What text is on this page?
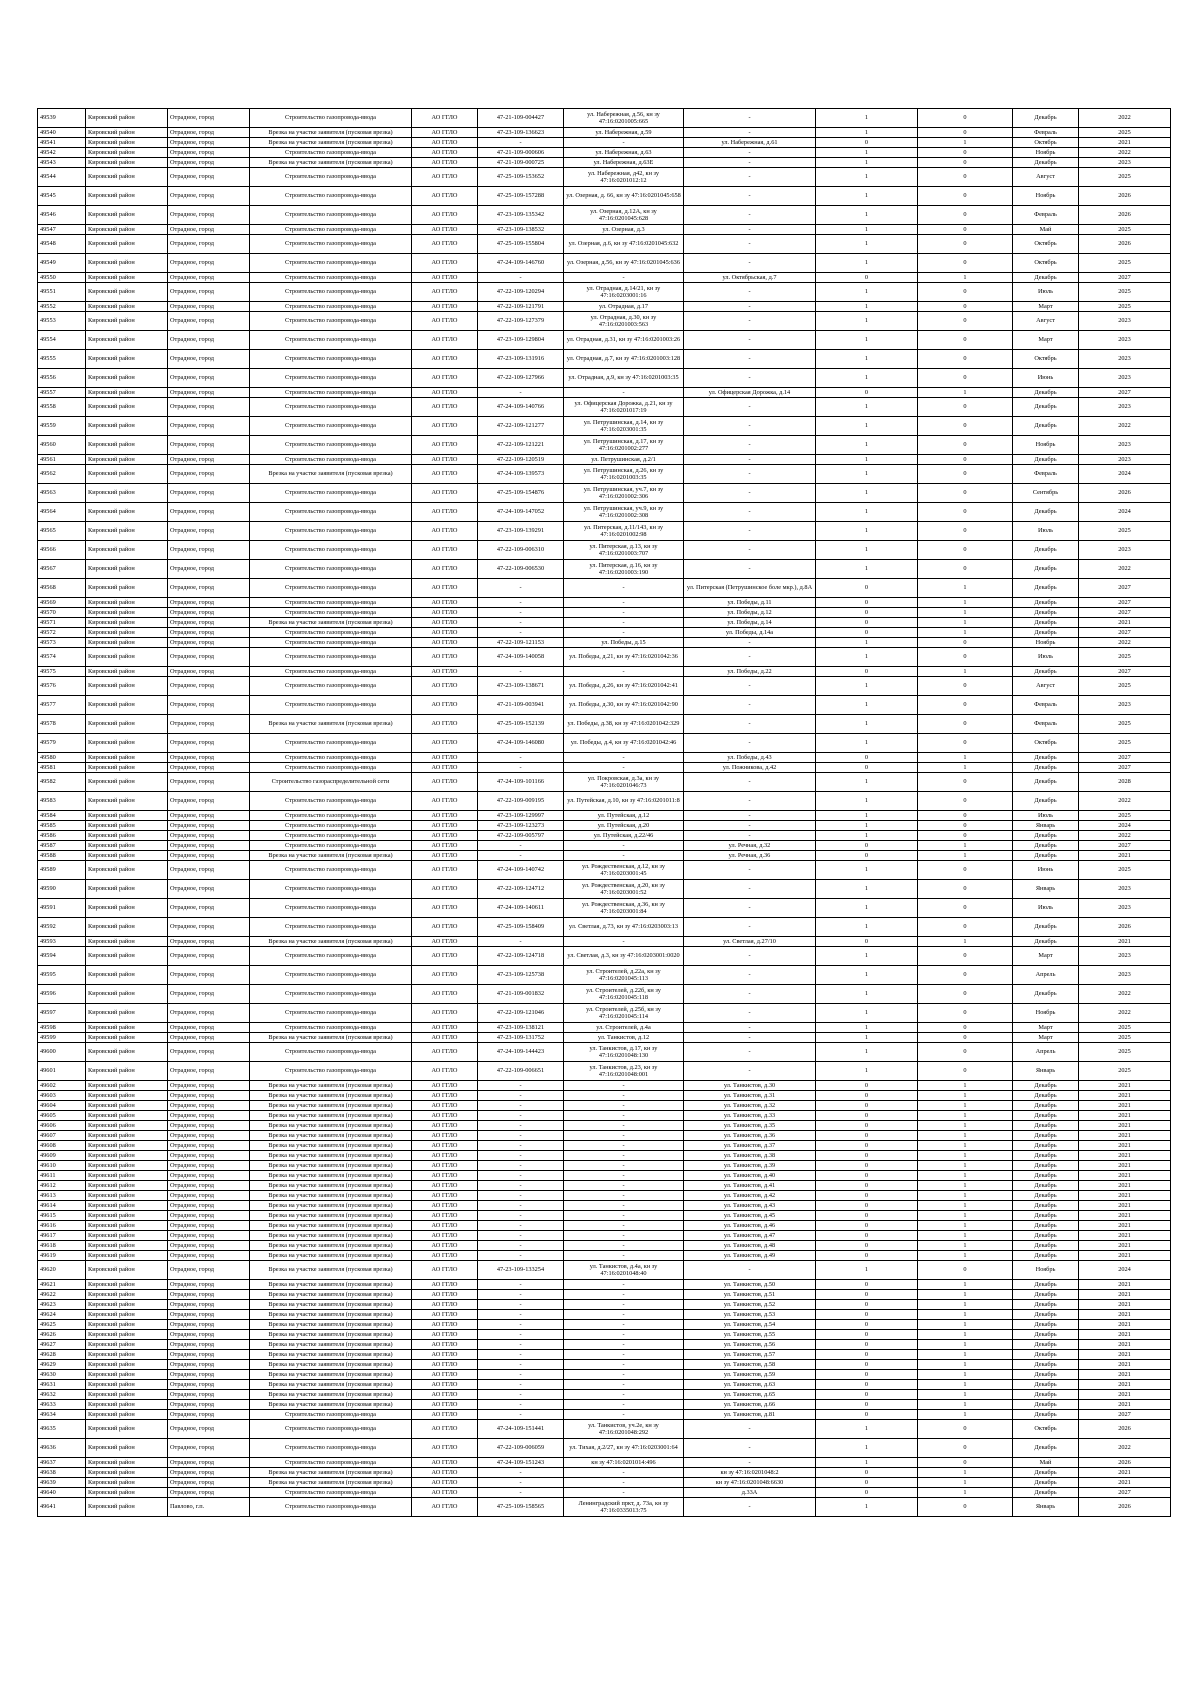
49539	Кировский район	Отрадное, город	Строительство газопровода-ввода	АО ГГЛО	47-21-109-004427	ул. Набережная, д.56, кн зу 47:16:0201005:665	-	1	0	Декабрь	2022
49540	Кировский район	Отрадное, город	Врезка на участке заявителя (пусковая врезка)	АО ГГЛО	47-23-109-136623	ул. Набережная, д.59	-	1	0	Февраль	2025
49541	Кировский район	Отрадное, город	Врезка на участке заявителя (пусковая врезка)	АО ГГЛО	-	-	ул. Набережная, д.61	0	1	Октябрь	2021
49542	Кировский район	Отрадное, город	Строительство газопровода-ввода	АО ГГЛО	47-21-109-000606	ул. Набережная, д.63	-	1	0	Ноябрь	2022
49543	Кировский район	Отрадное, город	Врезка на участке заявителя (пусковая врезка)	АО ГГЛО	47-21-109-000725	ул. Набережная, д.63Е	-	1	0	Декабрь	2023
49544	Кировский район	Отрадное, город	Строительство газопровода-ввода	АО ГГЛО	47-25-109-153652	ул. Набережная, д42, кн зу 47:16:0201012:12	-	1	0	Август	2025
49545	Кировский район	Отрадное, город	Строительство газопровода-ввода	АО ГГЛО	47-25-109-157288	ул. Озерная, д. 66, кн зу 47:16:0201045:658	-	1	0	Ноябрь	2026
49546	Кировский район	Отрадное, город	Строительство газопровода-ввода	АО ГГЛО	47-23-109-135342	ул. Озерная, д.12А, кн зу 47:16:0201045:628	-	1	0	Февраль	2026
49547	Кировский район	Отрадное, город	Строительство газопровода-ввода	АО ГГЛО	47-23-109-138532	ул. Озерная, д.3	-	1	0	Май	2025
49548	Кировский район	Отрадное, город	Строительство газопровода-ввода	АО ГГЛО	47-25-109-155804	ул. Озерная, д.6, кн зу 47:16:0201045:632	-	1	0	Октябрь	2026
49549	Кировский район	Отрадное, город	Строительство газопровода-ввода	АО ГГЛО	47-24-109-146760	ул. Озерная, д.56, кн зу 47:16:0201045:636	-	1	0	Октябрь	2025
49550	Кировский район	Отрадное, город	Строительство газопровода-ввода	АО ГГЛО	-	-	ул. Октябрьская, д.7	0	1	Декабрь	2027
49551	Кировский район	Отрадное, город	Строительство газопровода-ввода	АО ГГЛО	47-22-109-120294	ул. Отрадная, д.14/21, кн зу 47:16:0203001:16	-	1	0	Июль	2025
49552	Кировский район	Отрадное, город	Строительство газопровода-ввода	АО ГГЛО	47-22-109-121791	ул. Отрадная, д.17	-	1	0	Март	2025
49553	Кировский район	Отрадное, город	Строительство газопровода-ввода	АО ГГЛО	47-22-109-127379	ул. Отрадная, д.30, кн зу 47:16:0201003:563	-	1	0	Август	2023
49554	Кировский район	Отрадное, город	Строительство газопровода-ввода	АО ГГЛО	47-23-109-129804	ул. Отрадная, д.31, кн зу 47:16:0201003:26	-	1	0	Март	2023
49555	Кировский район	Отрадное, город	Строительство газопровода-ввода	АО ГГЛО	47-23-109-131916	ул. Отрадная, д.7, кн зу 47:16:0201003:128	-	1	0	Октябрь	2023
49556	Кировский район	Отрадное, город	Строительство газопровода-ввода	АО ГГЛО	47-22-109-127966	ул. Отрадная, д.9, кн зу 47:16:0201003:35	-	1	0	Июнь	2023
49557	Кировский район	Отрадное, город	Строительство газопровода-ввода	АО ГГЛО	-	-	ул. Офицерская Дорожка, д.14	0	1	Декабрь	2027
49558	Кировский район	Отрадное, город	Строительство газопровода-ввода	АО ГГЛО	47-24-109-140766	ул. Офицерская Дорожка, д.21, кн зу 47:16:0201017:19	-	1	0	Декабрь	2023
49559	Кировский район	Отрадное, город	Строительство газопровода-ввода	АО ГГЛО	47-22-109-121277	ул. Петрушинская, д.14, кн зу 47:16:0203001:35	-	1	0	Декабрь	2022
49560	Кировский район	Отрадное, город	Строительство газопровода-ввода	АО ГГЛО	47-22-109-121221	ул. Петрушинская, д.17, кн зу 47:16:0201002:277	-	1	0	Ноябрь	2023
49561	Кировский район	Отрадное, город	Строительство газопровода-ввода	АО ГГЛО	47-22-109-120519	ул. Петрушинская, д.2/1	-	1	0	Декабрь	2023
49562	Кировский район	Отрадное, город	Врезка на участке заявителя (пусковая врезка)	АО ГГЛО	47-24-109-139573	ул. Петрушинская, д.26, кн зу 47:16:0201003:35	-	1	0	Февраль	2024
49563	Кировский район	Отрадное, город	Строительство газопровода-ввода	АО ГГЛО	47-25-109-154876	ул. Петрушинская, уч.7, кн зу 47:16:0201002:306	-	1	0	Сентябрь	2026
49564	Кировский район	Отрадное, город	Строительство газопровода-ввода	АО ГГЛО	47-24-109-147052	ул. Петрушинская, уч.9, кн зу 47:16:0201002:308	-	1	0	Декабрь	2024
49565	Кировский район	Отрадное, город	Строительство газопровода-ввода	АО ГГЛО	47-23-109-139291	ул. Питерская, д.11/143, кн зу 47:16:0201002:98	-	1	0	Июль	2025
49566	Кировский район	Отрадное, город	Строительство газопровода-ввода	АО ГГЛО	47-22-109-006310	ул. Питерская, д.13, кн зу 47:16:0201003:707	-	1	0	Декабрь	2023
49567	Кировский район	Отрадное, город	Строительство газопровода-ввода	АО ГГЛО	47-22-109-006530	ул. Питерская, д.16, кн зу 47:16:0201003:190	-	1	0	Декабрь	2022
49568	Кировский район	Отрадное, город	Строительство газопровода-ввода	АО ГГЛО	-	-	ул. Питерская (Петрушинское боле мкр.), д.8А	0	1	Декабрь	2027
49569	Кировский район	Отрадное, город	Строительство газопровода-ввода	АО ГГЛО	-	-	ул. Победы, д.11	0	1	Декабрь	2027
49570	Кировский район	Отрадное, город	Строительство газопровода-ввода	АО ГГЛО	-	-	ул. Победы, д.12	0	1	Декабрь	2027
49571	Кировский район	Отрадное, город	Врезка на участке заявителя (пусковая врезка)	АО ГГЛО	-	-	ул. Победы, д.14	0	1	Декабрь	2021
49572	Кировский район	Отрадное, город	Строительство газопровода-ввода	АО ГГЛО	-	-	ул. Победы, д.14а	0	1	Декабрь	2027
49573	Кировский район	Отрадное, город	Строительство газопровода-ввода	АО ГГЛО	47-22-109-121153	ул. Победы, д.15	-	1	0	Ноябрь	2022
49574	Кировский район	Отрадное, город	Строительство газопровода-ввода	АО ГГЛО	47-24-109-140058	ул. Победы, д.21, кн зу 47:16:0201042:36	-	1	0	Июль	2025
49575	Кировский район	Отрадное, город	Строительство газопровода-ввода	АО ГГЛО	-	-	ул. Победы, д.22	0	1	Декабрь	2027
49576	Кировский район	Отрадное, город	Строительство газопровода-ввода	АО ГГЛО	47-23-109-138671	ул. Победы, д.26, кн зу 47:16:0201042:41	-	1	0	Август	2025
49577	Кировский район	Отрадное, город	Строительство газопровода-ввода	АО ГГЛО	47-21-109-003941	ул. Победы, д.30, кн зу 47:16:0201042:90	-	1	0	Февраль	2023
49578	Кировский район	Отрадное, город	Врезка на участке заявителя (пусковая врезка)	АО ГГЛО	47-25-109-152139	ул. Победы, д.38, кн зу 47:16:0201042:329	-	1	0	Февраль	2025
49579	Кировский район	Отрадное, город	Строительство газопровода-ввода	АО ГГЛО	47-24-109-146080	ул. Победы, д.4, кн зу 47:16:0201042:46	-	1	0	Октябрь	2025
49580	Кировский район	Отрадное, город	Строительство газопровода-ввода	АО ГГЛО	-	-	ул. Победы, д.43	0	1	Декабрь	2027
49581	Кировский район	Отрадное, город	Строительство газопровода-ввода	АО ГГЛО	-	-	ул. Пожникова, д.42	0	1	Декабрь	2027
49582	Кировский район	Отрадное, город	Строительство газораспределительной сети	АО ГГЛО	47-24-109-101166	ул. Покровская, д.3а, кн зу 47:16:0201046:73	-	1	0	Декабрь	2028
49583	Кировский район	Отрадное, город	Строительство газопровода-ввода	АО ГГЛО	47-22-109-009195	ул. Путейская, д.10, кн зу 47:16:0201011:8	-	1	0	Декабрь	2022
49584	Кировский район	Отрадное, город	Строительство газопровода-ввода	АО ГГЛО	47-23-109-129997	ул. Путейская, д.12	-	1	0	Июль	2025
49585	Кировский район	Отрадное, город	Строительство газопровода-ввода	АО ГГЛО	47-23-109-123273	ул. Путейская, д.20	-	1	0	Январь	2024
49586	Кировский район	Отрадное, город	Строительство газопровода-ввода	АО ГГЛО	47-22-109-005797	ул. Путейская, д.22/46	-	1	0	Декабрь	2022
49587	Кировский район	Отрадное, город	Строительство газопровода-ввода	АО ГГЛО	-	-	ул. Речная, д.32	0	1	Декабрь	2027
49588	Кировский район	Отрадное, город	Врезка на участке заявителя (пусковая врезка)	АО ГГЛО	-	-	ул. Речная, д.36	0	1	Декабрь	2021
49589	Кировский район	Отрадное, город	Строительство газопровода-ввода	АО ГГЛО	47-24-109-140742	ул. Рождественская, д.12, кн зу 47:16:0203001:45	-	1	0	Июнь	2025
49590	Кировский район	Отрадное, город	Строительство газопровода-ввода	АО ГГЛО	47-22-109-124712	ул. Рождественская, д.20, кн зу 47:16:0203001:52	-	1	0	Январь	2023
49591	Кировский район	Отрадное, город	Строительство газопровода-ввода	АО ГГЛО	47-24-109-140611	ул. Рождественская, д.36, кн зу 47:16:0203001:84	-	1	0	Июль	2023
49592	Кировский район	Отрадное, город	Строительство газопровода-ввода	АО ГГЛО	47-25-109-158409	ул. Светлая, д.73, кн зу 47:16:0203003:13	-	1	0	Декабрь	2026
49593	Кировский район	Отрадное, город	Врезка на участке заявителя (пусковая врезка)	АО ГГЛО	-	-	ул. Светлая, д.27/10	0	1	Декабрь	2021
49594	Кировский район	Отрадное, город	Строительство газопровода-ввода	АО ГГЛО	47-22-109-124718	ул. Светлая, д.3, кн зу 47:16:0203001:0020	-	1	0	Март	2023
49595	Кировский район	Отрадное, город	Строительство газопровода-ввода	АО ГГЛО	47-23-109-125738	ул. Строителей, д.22а, кн зу 47:16:0201045:113	-	1	0	Апрель	2023
49596	Кировский район	Отрадное, город	Строительство газопровода-ввода	АО ГГЛО	47-21-109-001832	ул. Строителей, д.22б, кн зу 47:16:0201045:118	-	1	0	Декабрь	2022
49597	Кировский район	Отрадное, город	Строительство газопровода-ввода	АО ГГЛО	47-22-109-121046	ул. Строителей, д.25б, кн зу 47:16:0201045:114	-	1	0	Ноябрь	2022
49598	Кировский район	Отрадное, город	Строительство газопровода-ввода	АО ГГЛО	47-23-109-138121	ул. Строителей, д.4а	-	1	0	Март	2025
49599	Кировский район	Отрадное, город	Врезка на участке заявителя (пусковая врезка)	АО ГГЛО	47-23-109-131752	ул. Танкистов, д.12	-	1	0	Март	2025
49600	Кировский район	Отрадное, город	Строительство газопровода-ввода	АО ГГЛО	47-24-109-144423	ул. Танкистов, д.17, кн зу 47:16:0201048:130	-	1	0	Апрель	2025
49601	Кировский район	Отрадное, город	Строительство газопровода-ввода	АО ГГЛО	47-22-109-006651	ул. Танкистов, д.23, кн зу 47:16:0201048:001	-	1	0	Январь	2025
49602	Кировский район	Отрадное, город	Врезка на участке заявителя (пусковая врезка)	АО ГГЛО	-	-	ул. Танкистов, д.30	0	1	Декабрь	2021
49603	Кировский район	Отрадное, город	Врезка на участке заявителя (пусковая врезка)	АО ГГЛО	-	-	ул. Танкистов, д.31	0	1	Декабрь	2021
49604	Кировский район	Отрадное, город	Врезка на участке заявителя (пусковая врезка)	АО ГГЛО	-	-	ул. Танкистов, д.32	0	1	Декабрь	2021
49605	Кировский район	Отрадное, город	Врезка на участке заявителя (пусковая врезка)	АО ГГЛО	-	-	ул. Танкистов, д.33	0	1	Декабрь	2021
49606	Кировский район	Отрадное, город	Врезка на участке заявителя (пусковая врезка)	АО ГГЛО	-	-	ул. Танкистов, д.35	0	1	Декабрь	2021
49607	Кировский район	Отрадное, город	Врезка на участке заявителя (пусковая врезка)	АО ГГЛО	-	-	ул. Танкистов, д.36	0	1	Декабрь	2021
49608	Кировский район	Отрадное, город	Врезка на участке заявителя (пусковая врезка)	АО ГГЛО	-	-	ул. Танкистов, д.37	0	1	Декабрь	2021
49609	Кировский район	Отрадное, город	Врезка на участке заявителя (пусковая врезка)	АО ГГЛО	-	-	ул. Танкистов, д.38	0	1	Декабрь	2021
49610	Кировский район	Отрадное, город	Врезка на участке заявителя (пусковая врезка)	АО ГГЛО	-	-	ул. Танкистов, д.39	0	1	Декабрь	2021
49611	Кировский район	Отрадное, город	Врезка на участке заявителя (пусковая врезка)	АО ГГЛО	-	-	ул. Танкистов, д.40	0	1	Декабрь	2021
49612	Кировский район	Отрадное, город	Врезка на участке заявителя (пусковая врезка)	АО ГГЛО	-	-	ул. Танкистов, д.41	0	1	Декабрь	2021
49613	Кировский район	Отрадное, город	Врезка на участке заявителя (пусковая врезка)	АО ГГЛО	-	-	ул. Танкистов, д.42	0	1	Декабрь	2021
49614	Кировский район	Отрадное, город	Врезка на участке заявителя (пусковая врезка)	АО ГГЛО	-	-	ул. Танкистов, д.43	0	1	Декабрь	2021
49615	Кировский район	Отрадное, город	Врезка на участке заявителя (пусковая врезка)	АО ГГЛО	-	-	ул. Танкистов, д.45	0	1	Декабрь	2021
49616	Кировский район	Отрадное, город	Врезка на участке заявителя (пусковая врезка)	АО ГГЛО	-	-	ул. Танкистов, д.46	0	1	Декабрь	2021
49617	Кировский район	Отрадное, город	Врезка на участке заявителя (пусковая врезка)	АО ГГЛО	-	-	ул. Танкистов, д.47	0	1	Декабрь	2021
49618	Кировский район	Отрадное, город	Врезка на участке заявителя (пусковая врезка)	АО ГГЛО	-	-	ул. Танкистов, д.48	0	1	Декабрь	2021
49619	Кировский район	Отрадное, город	Врезка на участке заявителя (пусковая врезка)	АО ГГЛО	-	-	ул. Танкистов, д.49	0	1	Декабрь	2021
49620	Кировский район	Отрадное, город	Врезка на участке заявителя (пусковая врезка)	АО ГГЛО	47-23-109-133254	ул. Танкистов, д.4а, кн зу 47:16:0201048:40	-	1	0	Ноябрь	2024
49621	Кировский район	Отрадное, город	Врезка на участке заявителя (пусковая врезка)	АО ГГЛО	-	-	ул. Танкистов, д.50	0	1	Декабрь	2021
49622	Кировский район	Отрадное, город	Врезка на участке заявителя (пусковая врезка)	АО ГГЛО	-	-	ул. Танкистов, д.51	0	1	Декабрь	2021
49623	Кировский район	Отрадное, город	Врезка на участке заявителя (пусковая врезка)	АО ГГЛО	-	-	ул. Танкистов, д.52	0	1	Декабрь	2021
49624	Кировский район	Отрадное, город	Врезка на участке заявителя (пусковая врезка)	АО ГГЛО	-	-	ул. Танкистов, д.53	0	1	Декабрь	2021
49625	Кировский район	Отрадное, город	Врезка на участке заявителя (пусковая врезка)	АО ГГЛО	-	-	ул. Танкистов, д.54	0	1	Декабрь	2021
49626	Кировский район	Отрадное, город	Врезка на участке заявителя (пусковая врезка)	АО ГГЛО	-	-	ул. Танкистов, д.55	0	1	Декабрь	2021
49627	Кировский район	Отрадное, город	Врезка на участке заявителя (пусковая врезка)	АО ГГЛО	-	-	ул. Танкистов, д.56	0	1	Декабрь	2021
49628	Кировский район	Отрадное, город	Врезка на участке заявителя (пусковая врезка)	АО ГГЛО	-	-	ул. Танкистов, д.57	0	1	Декабрь	2021
49629	Кировский район	Отрадное, город	Врезка на участке заявителя (пусковая врезка)	АО ГГЛО	-	-	ул. Танкистов, д.58	0	1	Декабрь	2021
49630	Кировский район	Отрадное, город	Врезка на участке заявителя (пусковая врезка)	АО ГГЛО	-	-	ул. Танкистов, д.59	0	1	Декабрь	2021
49631	Кировский район	Отрадное, город	Врезка на участке заявителя (пусковая врезка)	АО ГГЛО	-	-	ул. Танкистов, д.63	0	1	Декабрь	2021
49632	Кировский район	Отрадное, город	Врезка на участке заявителя (пусковая врезка)	АО ГГЛО	-	-	ул. Танкистов, д.65	0	1	Декабрь	2021
49633	Кировский район	Отрадное, город	Врезка на участке заявителя (пусковая врезка)	АО ГГЛО	-	-	ул. Танкистов, д.66	0	1	Декабрь	2021
49634	Кировский район	Отрадное, город	Строительство газопровода-ввода	АО ГГЛО	-	-	ул. Танкистов, д.81	0	1	Декабрь	2027
49635	Кировский район	Отрадное, город	Строительство газопровода-ввода	АО ГГЛО	47-24-109-151441	ул. Танкистов, уч.2е, кн зу 47:16:0201048:292	-	1	0	Октябрь	2026
49636	Кировский район	Отрадное, город	Строительство газопровода-ввода	АО ГГЛО	47-22-109-006059	ул. Тихая, д.2/27, кн зу 47:16:0203001:64	-	1	0	Декабрь	2022
49637	Кировский район	Отрадное, город	Строительство газопровода-ввода	АО ГГЛО	47-24-109-151243	кн зу 47:16:0201014:496	-	1	0	Май	2026
49638	Кировский район	Отрадное, город	Врезка на участке заявителя (пусковая врезка)	АО ГГЛО	-	-	кн зу 47:16:0201048:2	0	1	Декабрь	2021
49639	Кировский район	Отрадное, город	Врезка на участке заявителя (пусковая врезка)	АО ГГЛО	-	-	кн зу 47:16:0201048:6630	0	1	Декабрь	2021
49640	Кировский район	Отрадное, город	Строительство газопровода-ввода	АО ГГЛО	-	-	д.33А	0	1	Декабрь	2027
49641	Кировский район	Павлово, г.п.	Строительство газопровода-ввода	АО ГГЛО	47-25-109-158565	Ленинградский пркт, д. 73а, кн зу 47:16:0335013:75	-	1	0	Январь	2026
